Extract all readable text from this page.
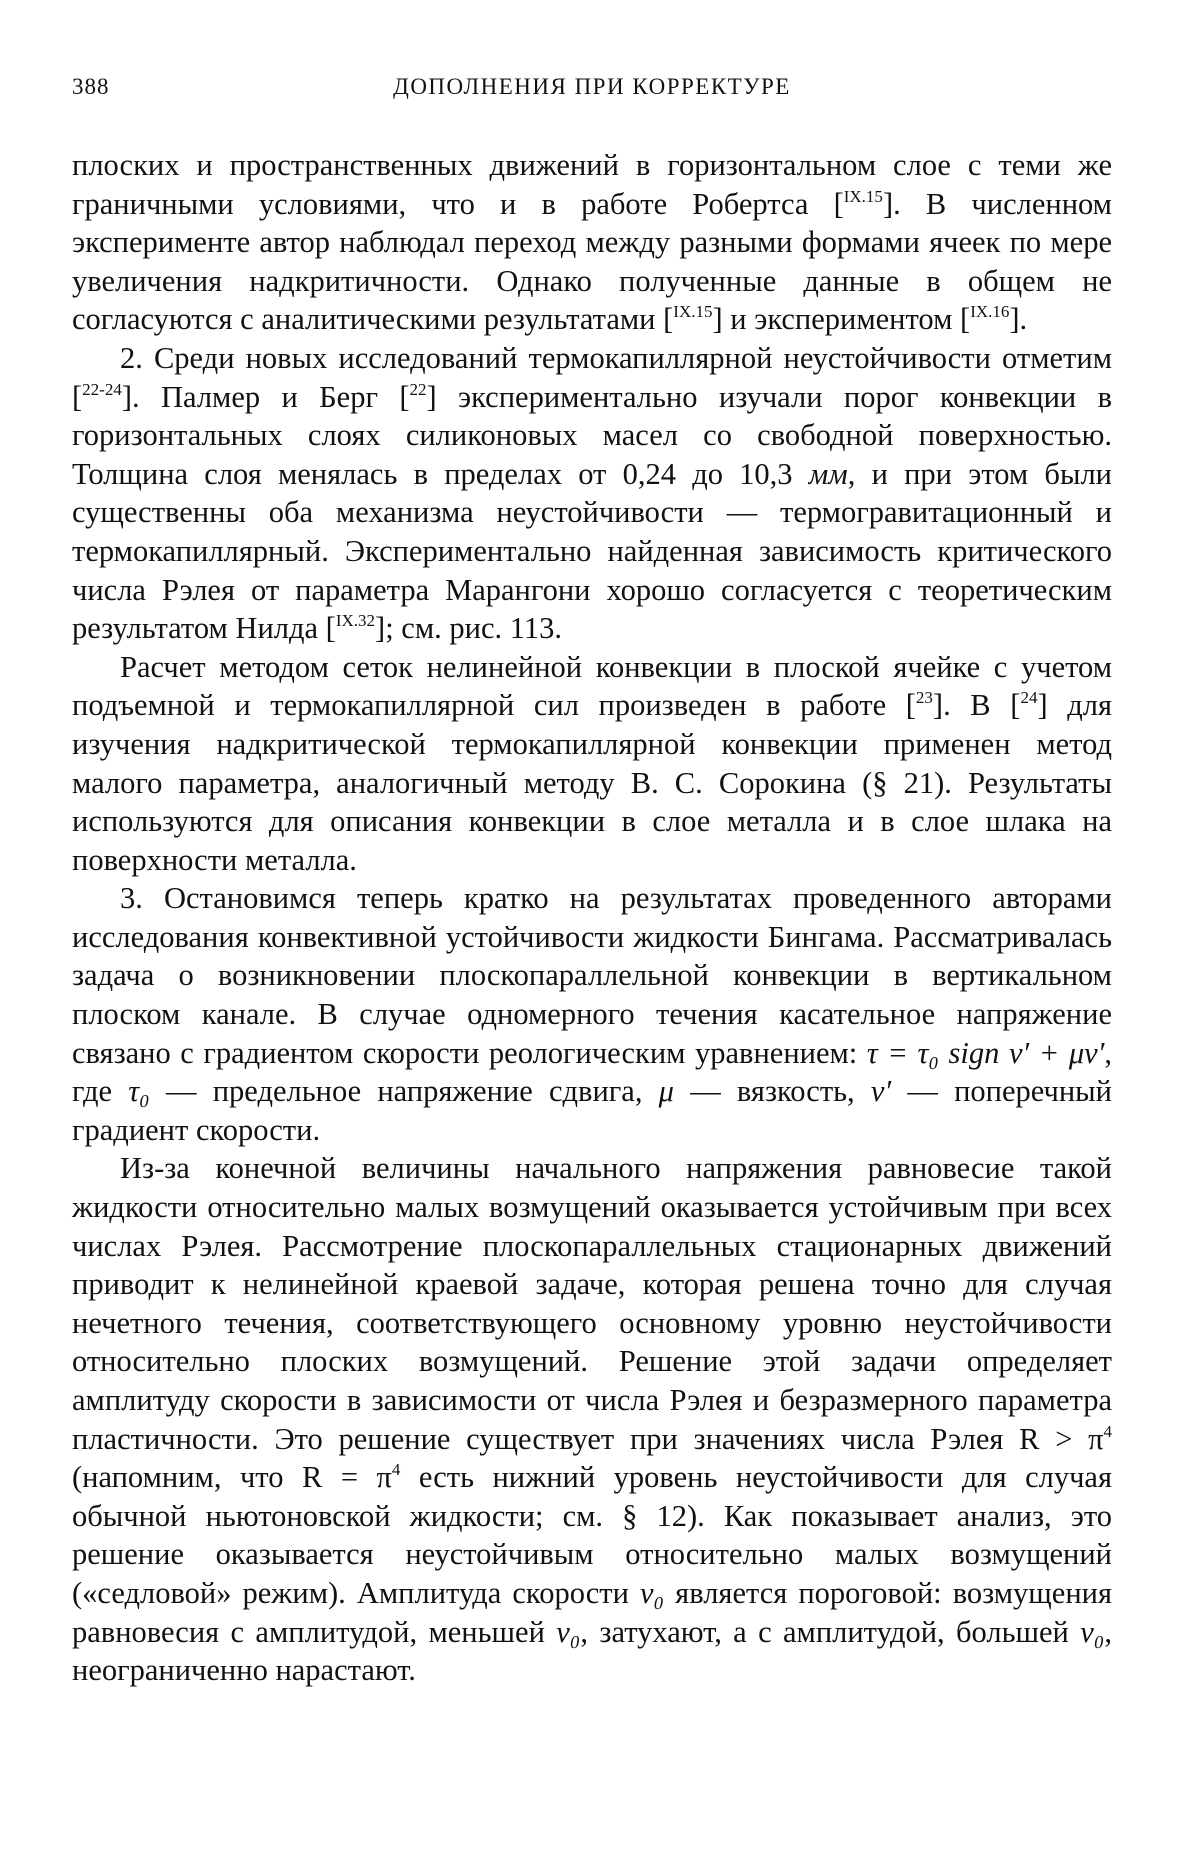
388	ДОПОЛНЕНИЯ ПРИ КОРРЕКТУРЕ

плоских и пространственных движений в горизонтальном слое с теми же граничными условиями, что и в работе Робертса [$^{IX.15}$]. В численном эксперименте автор наблюдал переход между разными формами ячеек по мере увеличения надкритичности. Однако полученные данные в общем не согласуются с аналитическими результатами [$^{IX.15}$] и экспериментом [$^{IX.16}$].

2. Среди новых исследований термокапиллярной неустойчивости отметим [$^{22-24}$]. Палмер и Берг [$^{22}$] экспериментально изучали порог конвекции в горизонтальных слоях силиконовых масел со свободной поверхностью. Толщина слоя менялась в пределах от 0,24 до 10,3 мм, и при этом были существенны оба механизма неустойчивости — термогравитационный и термокапиллярный. Экспериментально найденная зависимость критического числа Рэлея от параметра Марангони хорошо согласуется с теоретическим результатом Нилда [$^{IX.32}$]; см. рис. 113.

Расчет методом сеток нелинейной конвекции в плоской ячейке с учетом подъемной и термокапиллярной сил произведен в работе [$^{23}$]. В [$^{24}$] для изучения надкритической термокапиллярной конвекции применен метод малого параметра, аналогичный методу В. С. Сорокина (§ 21). Результаты используются для описания конвекции в слое металла и в слое шлака на поверхности металла.

3. Остановимся теперь кратко на результатах проведенного авторами исследования конвективной устойчивости жидкости Бингама. Рассматривалась задача о возникновении плоскопараллельной конвекции в вертикальном плоском канале. В случае одномерного течения касательное напряжение связано с градиентом скорости реологическим уравнением: τ = τ₀ sign v′ + μv′, где τ₀ — предельное напряжение сдвига, μ — вязкость, v′ — поперечный градиент скорости.

Из-за конечной величины начального напряжения равновесие такой жидкости относительно малых возмущений оказывается устойчивым при всех числах Рэлея. Рассмотрение плоскопараллельных стационарных движений приводит к нелинейной краевой задаче, которая решена точно для случая нечетного течения, соответствующего основному уровню неустойчивости относительно плоских возмущений. Решение этой задачи определяет амплитуду скорости в зависимости от числа Рэлея и безразмерного параметра пластичности. Это решение существует при значениях числа Рэлея $R > \pi^4$ (напомним, что $R = \pi^4$ есть нижний уровень неустойчивости для случая обычной ньютоновской жидкости; см. § 12). Как показывает анализ, это решение оказывается неустойчивым относительно малых возмущений («седловой» режим). Амплитуда скорости v₀ является пороговой: возмущения равновесия с амплитудой, меньшей v₀, затухают, а с амплитудой, большей v₀, неограниченно нарастают.
